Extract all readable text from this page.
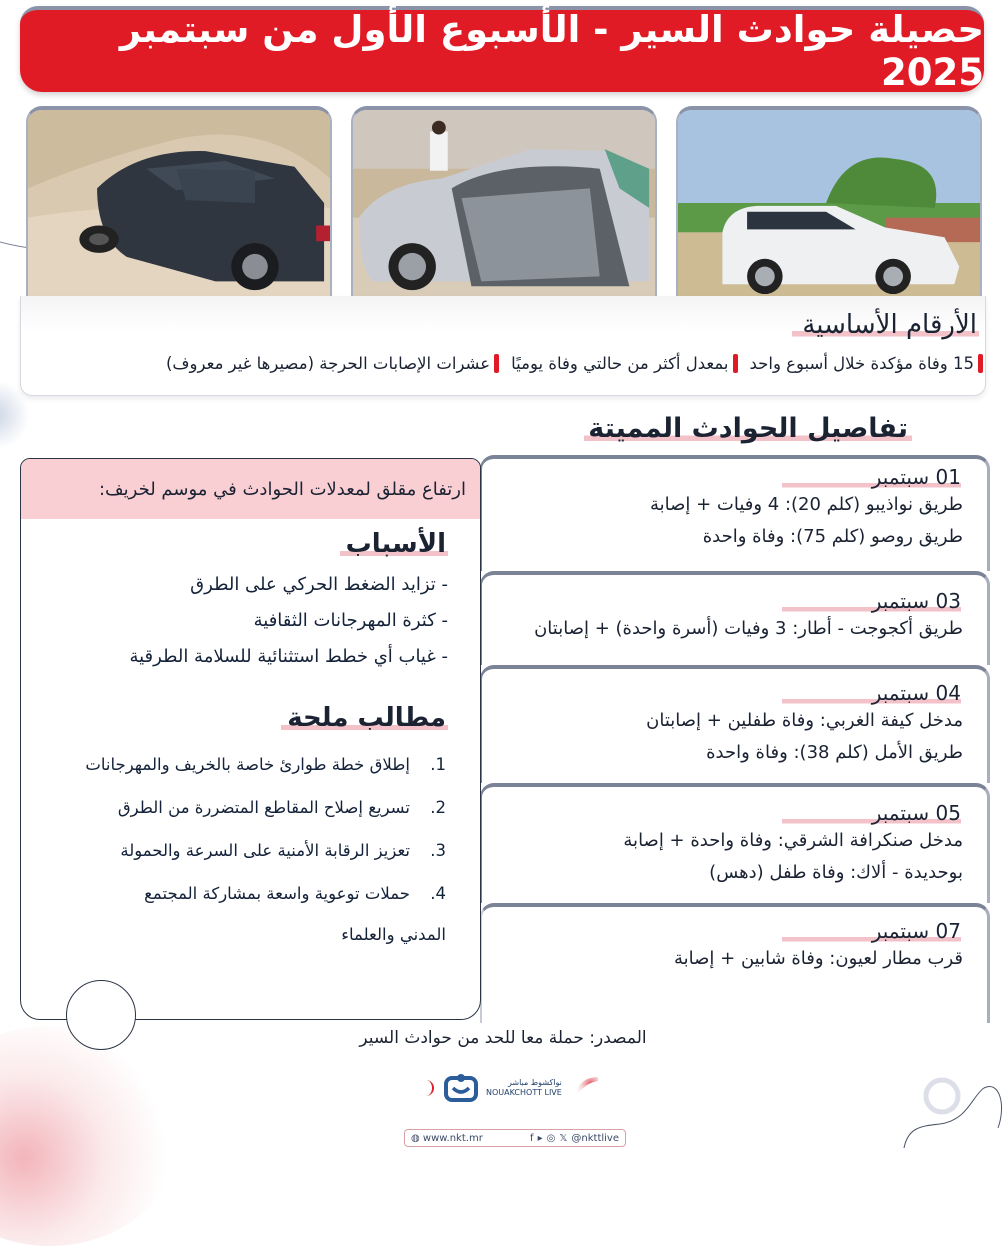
حصيلة حوادث السير - الأسبوع الأول من سبتمبر 2025
الأرقام الأساسية
15 وفاة مؤكدة خلال أسبوع واحد
بمعدل أكثر من حالتي وفاة يوميًا
عشرات الإصابات الحرجة (مصيرها غير معروف)
تفاصيل الحوادث المميتة
01 سبتمبر
طريق نواذيبو (كلم 20): 4 وفيات + إصابة
طريق روصو (كلم 75): وفاة واحدة
03 سبتمبر
طريق أكجوجت - أطار: 3 وفيات (أسرة واحدة) + إصابتان
04 سبتمبر
مدخل كيفة الغربي: وفاة طفلين + إصابتان
طريق الأمل (كلم 38): وفاة واحدة
05 سبتمبر
مدخل صنكرافة الشرقي: وفاة واحدة + إصابة
بوحديدة - ألاك: وفاة طفل (دهس)
07 سبتمبر
قرب مطار لعيون: وفاة شابين + إصابة
ارتفاع مقلق لمعدلات الحوادث في موسم لخريف:
الأسباب
- تزايد الضغط الحركي على الطرق
- كثرة المهرجانات الثقافية
- غياب أي خطط استثنائية للسلامة الطرقية
مطالب ملحة
1.
إطلاق خطة طوارئ خاصة بالخريف والمهرجانات
2.
تسريع إصلاح المقاطع المتضررة من الطرق
3.
تعزيز الرقابة الأمنية على السرعة والحمولة
4.
حملات توعوية واسعة بمشاركة المجتمع
المدني والعلماء
المصدر: حملة معا للحد من حوادث السير
نواكشوط مباشر
NOUAKCHOTT LIVE
◍ www.nkt.mr	f ▸ ◎ 𝕏 @nkttlive
